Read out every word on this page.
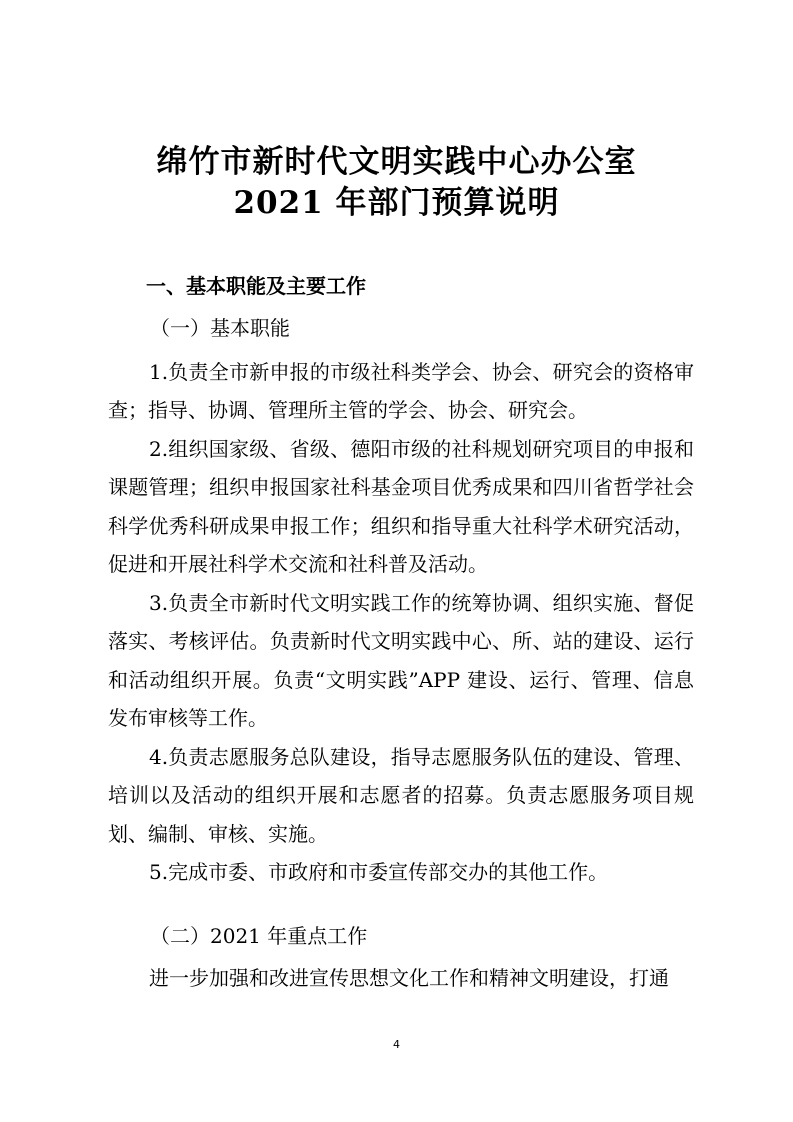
绵竹市新时代文明实践中心办公室
2021 年部门预算说明
一、基本职能及主要工作
（一）基本职能
1.负责全市新申报的市级社科类学会、协会、研究会的资格审查；指导、协调、管理所主管的学会、协会、研究会。
2.组织国家级、省级、德阳市级的社科规划研究项目的申报和课题管理；组织申报国家社科基金项目优秀成果和四川省哲学社会科学优秀科研成果申报工作；组织和指导重大社科学术研究活动，促进和开展社科学术交流和社科普及活动。
3.负责全市新时代文明实践工作的统筹协调、组织实施、督促落实、考核评估。负责新时代文明实践中心、所、站的建设、运行和活动组织开展。负责“文明实践”APP 建设、运行、管理、信息发布审核等工作。
4.负责志愿服务总队建设，指导志愿服务队伍的建设、管理、培训以及活动的组织开展和志愿者的招募。负责志愿服务项目规划、编制、审核、实施。
5.完成市委、市政府和市委宣传部交办的其他工作。
（二）2021 年重点工作
进一步加强和改进宣传思想文化工作和精神文明建设，打通
4
